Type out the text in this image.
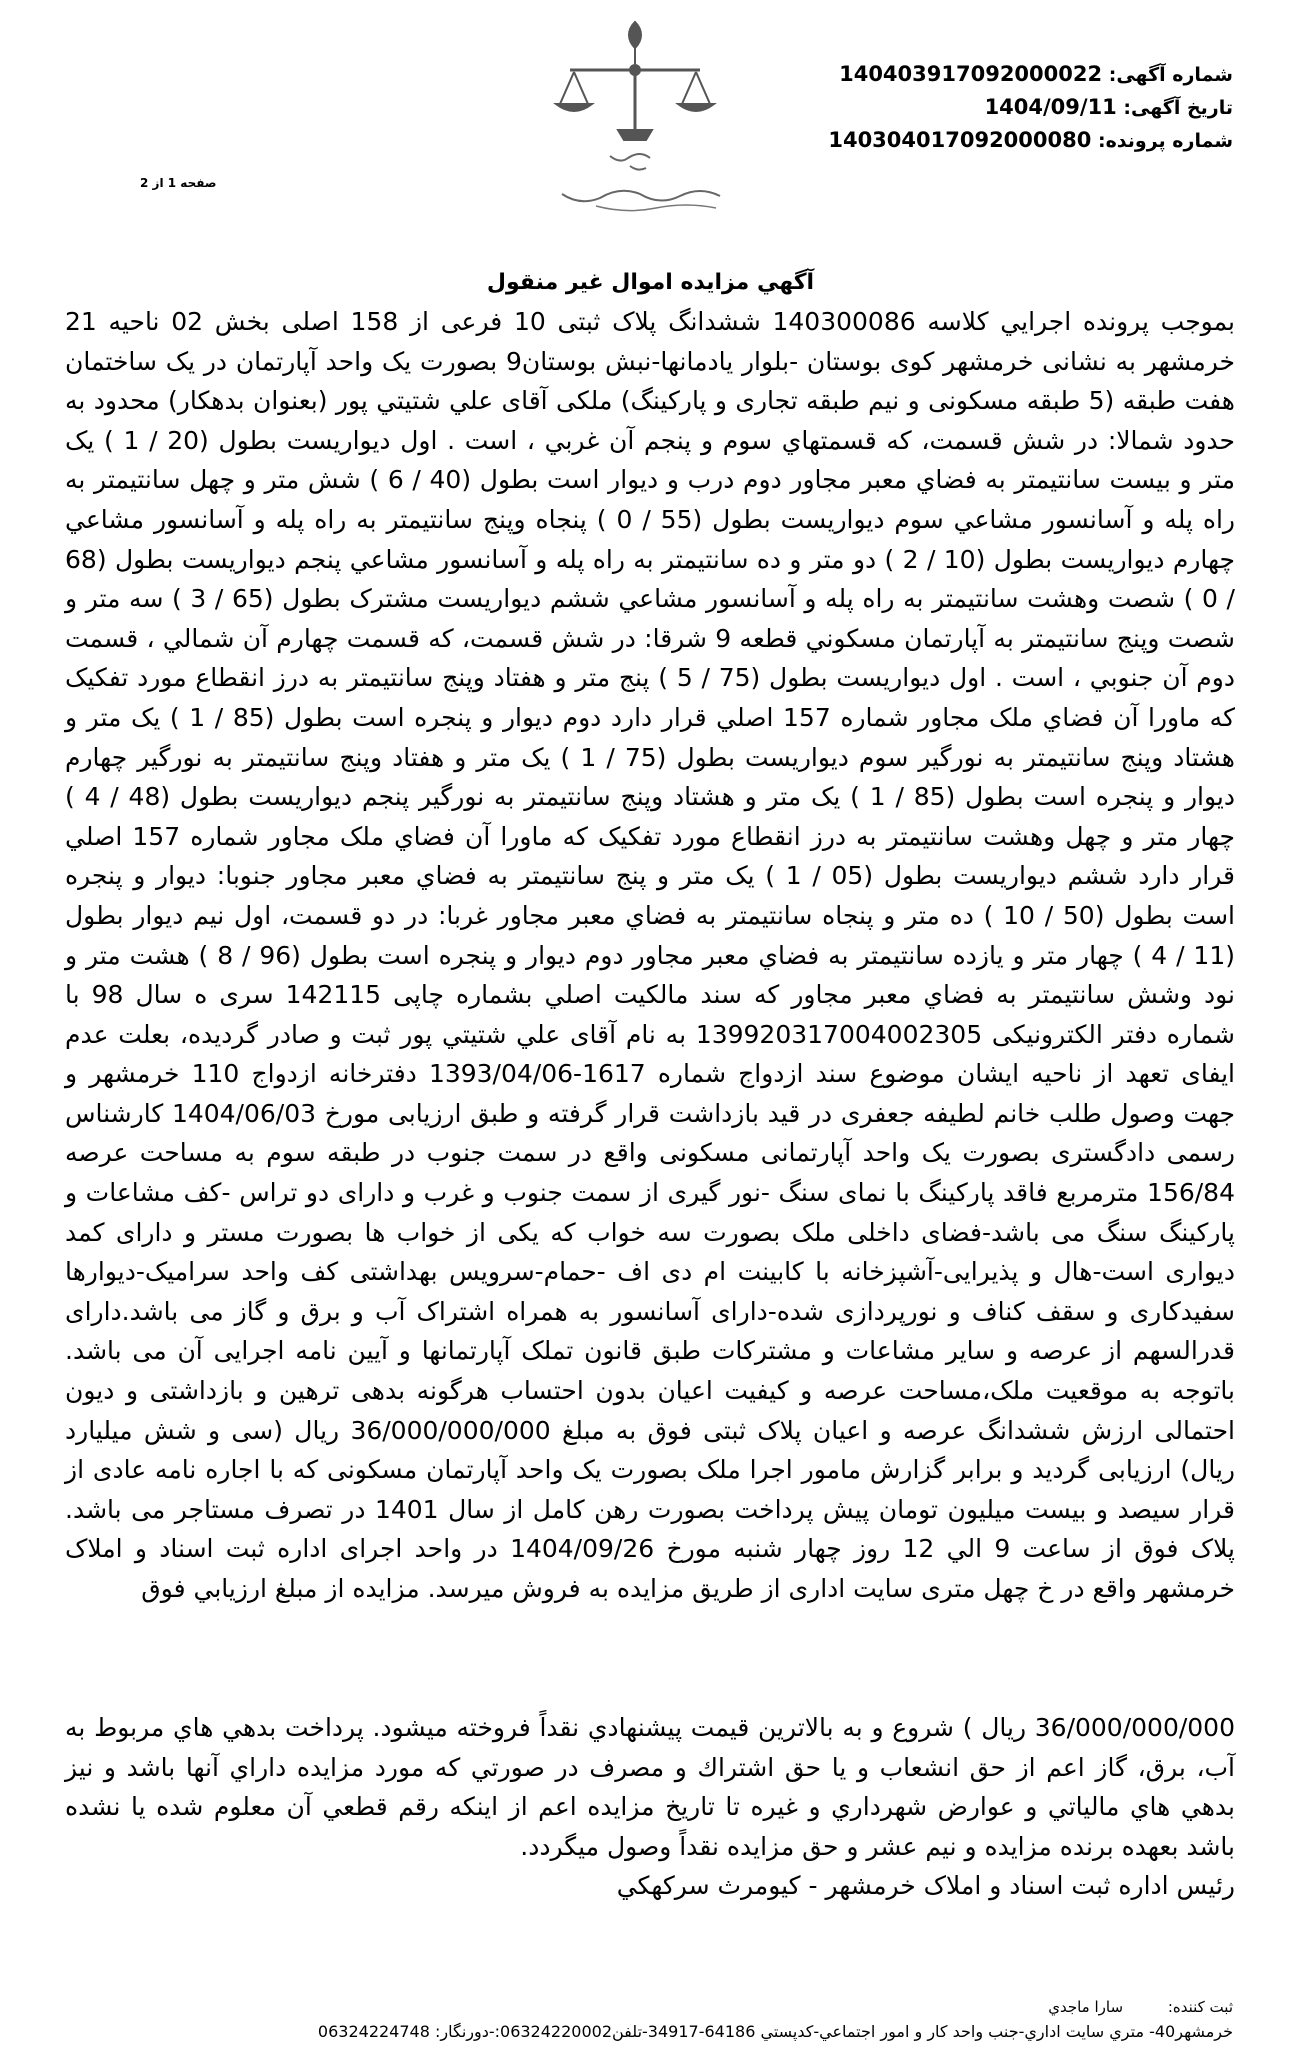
شماره آگهی: 140403917092000022
تاریخ آگهی: 1404/09/11
شماره پرونده: 140304017092000080
صفحه 1 از 2
آگهي مزايده اموال غير منقول

بموجب پرونده اجرايي كلاسه 140300086 ششدانگ پلاک ثبتی 10 فرعی از 158 اصلی بخش 02 ناحیه 21 خرمشهر به نشانی خرمشهر کوی بوستان -بلوار یادمانها-نبش بوستان9 بصورت یک واحد آپارتمان در یک ساختمان هفت طبقه (5 طبقه مسکونی و نیم طبقه تجاری و پارکینگ) ملكی آقای علي شتيتي پور (بعنوان بدهکار) محدود به حدود شمالا: در شش قسمت، كه قسمتهاي سوم و پنجم آن غربي ، است . اول ديواريست بطول (20 / 1 ) يک متر و بيست سانتيمتر به فضاي معبر مجاور دوم درب و ديوار است بطول (40 / 6 ) شش متر و چهل سانتيمتر به راه پله و آسانسور مشاعي سوم ديواريست بطول (55 / 0 ) پنجاه وپنج سانتيمتر به راه پله و آسانسور مشاعي چهارم ديواريست بطول (10 / 2 ) دو متر و ده سانتيمتر به راه پله و آسانسور مشاعي پنجم ديواريست بطول (68 / 0 ) شصت وهشت سانتيمتر به راه پله و آسانسور مشاعي ششم ديواريست مشترک بطول (65 / 3 ) سه متر و شصت وپنج سانتيمتر به آپارتمان مسكوني قطعه 9 شرقا: در شش قسمت، كه قسمت چهارم آن شمالي ، قسمت دوم آن جنوبي ، است . اول ديواريست بطول (75 / 5 ) پنج متر و هفتاد وپنج سانتيمتر به درز انقطاع مورد تفكيک كه ماورا آن فضاي ملک مجاور شماره 157 اصلي قرار دارد دوم ديوار و پنجره است بطول (85 / 1 ) يک متر و هشتاد وپنج سانتيمتر به نورگير سوم ديواريست بطول (75 / 1 ) يک متر و هفتاد وپنج سانتيمتر به نورگير چهارم ديوار و پنجره است بطول (85 / 1 ) يک متر و هشتاد وپنج سانتيمتر به نورگير پنجم ديواريست بطول (48 / 4 ) چهار متر و چهل وهشت سانتيمتر به درز انقطاع مورد تفكيک كه ماورا آن فضاي ملک مجاور شماره 157 اصلي قرار دارد ششم ديواريست بطول (05 / 1 ) يک متر و پنج سانتيمتر به فضاي معبر مجاور جنوبا: ديوار و پنجره است بطول (50 / 10 ) ده متر و پنجاه سانتيمتر به فضاي معبر مجاور غربا: در دو قسمت، اول نيم ديوار بطول (11 / 4 ) چهار متر و يازده سانتيمتر به فضاي معبر مجاور دوم ديوار و پنجره است بطول (96 / 8 ) هشت متر و نود وشش سانتيمتر به فضاي معبر مجاور كه سند مالكيت اصلي بشماره چاپی 142115 سری ه سال 98 با شماره دفتر الکترونیکی 139920317004002305 به نام آقای علي شتيتي پور ثبت و صادر گرديده، بعلت عدم ایفای تعهد از ناحیه ایشان موضوع سند ازدواج شماره 1617-1393/04/06 دفترخانه ازدواج 110 خرمشهر و جهت وصول طلب خانم لطیفه جعفری در قید بازداشت قرار گرفته و طبق ارزیابی مورخ 1404/06/03 کارشناس رسمی دادگستری بصورت یک واحد آپارتمانی مسکونی واقع در سمت جنوب در طبقه سوم به مساحت عرصه 156/84 مترمربع فاقد پارکینگ با نمای سنگ -نور گیری از سمت جنوب و غرب و دارای دو تراس -کف مشاعات و پارکینگ سنگ می باشد-فضای داخلی ملک بصورت سه خواب که یکی از خواب ها بصورت مستر و دارای کمد دیواری است-هال و پذیرایی-آشپزخانه با کابینت ام دی اف -حمام-سرویس بهداشتی کف واحد سرامیک-دیوارها سفیدکاری و سقف کناف و نورپردازی شده-دارای آسانسور به همراه اشتراک آب و برق و گاز می باشد.دارای قدرالسهم از عرصه و سایر مشاعات و مشترکات طبق قانون تملک آپارتمانها و آیین نامه اجرایی آن می باشد. باتوجه به موقعیت ملک،مساحت عرصه و کیفیت اعیان بدون احتساب هرگونه بدهی ترهین و بازداشتی و دیون احتمالی ارزش ششدانگ عرصه و اعیان پلاک ثبتی فوق به مبلغ 36/000/000/000 ریال (سی و شش میلیارد ریال) ارزیابی گردید و برابر گزارش مامور اجرا ملک بصورت یک واحد آپارتمان مسکونی که با اجاره نامه عادی از قرار سیصد و بیست میلیون تومان پیش پرداخت بصورت رهن کامل از سال 1401 در تصرف مستاجر می باشد. پلاک فوق از ساعت 9 الي 12 روز چهار شنبه مورخ 1404/09/26 در واحد اجرای اداره ثبت اسناد و املاک خرمشهر واقع در خ چهل متری سایت اداری از طريق مزايده به فروش ميرسد. مزايده از مبلغ ارزيابي فوق

36/000/000/000 ريال ) شروع و به بالاترين قيمت پيشنهادي نقداً فروخته ميشود. پرداخت بدهي هاي مربوط به آب، برق، گاز اعم از حق انشعاب و يا حق اشتراك و مصرف در صورتي كه مورد مزايده داراي آنها باشد و نيز بدهي هاي مالياتي و عوارض شهرداري و غيره تا تاريخ مزايده اعم از اينكه رقم قطعي آن معلوم شده يا نشده باشد بعهده برنده مزايده و نيم عشر و حق مزايده نقداً وصول ميگردد.
رئيس اداره ثبت اسناد و املاک خرمشهر - کیومرث سرکهکي

ثبت کننده: سارا ماجدي
خرمشهر40- متري سايت اداري-جنب واحد كار و امور اجتماعي-كدپستي 64186-34917-تلفن06324220002:-دورنگار: 06324224748
